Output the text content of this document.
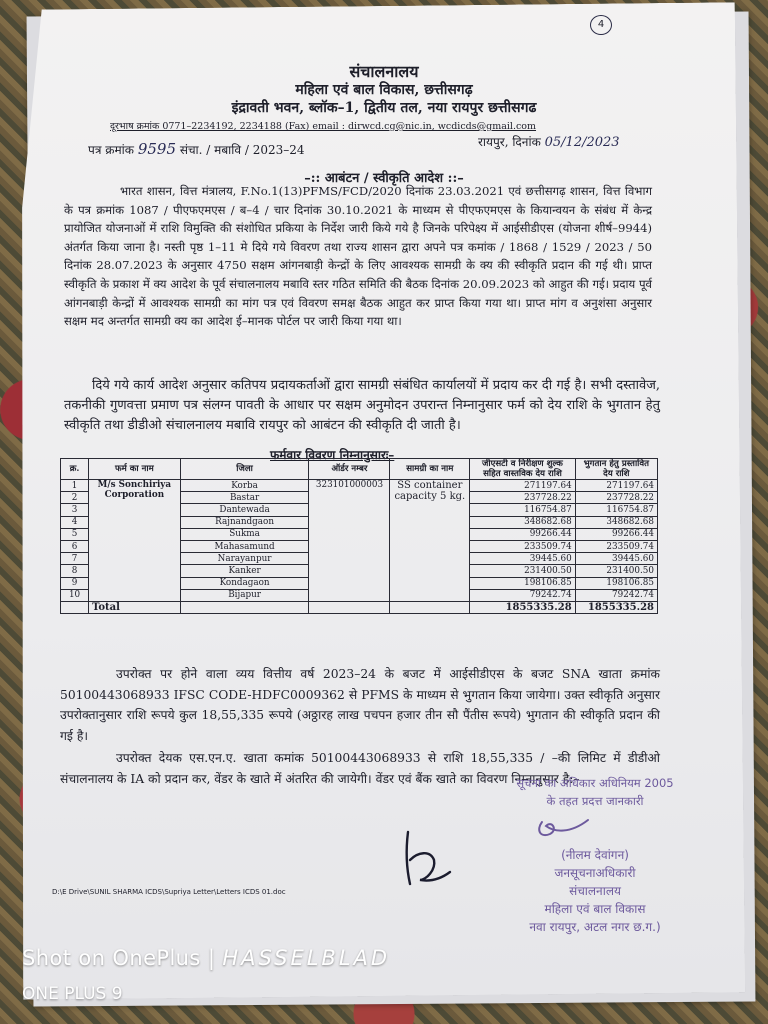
4
संचालनालय
महिला एवं बाल विकास, छत्तीसगढ़
इंद्रावती भवन, ब्लॉक–1, द्वितीय तल, नया रायपुर छत्तीसगढ
दूरभाष क्रमांक 0771–2234192, 2234188 (Fax) email : dirwcd.cg@nic.in, wcdicds@gmail.com
पत्र क्रमांक 9595 संचा. / मबावि / 2023–24
रायपुर, दिनांक 05/12/2023
–:: आबंटन / स्वीकृति आदेश ::–
भारत शासन, वित्त मंत्रालय, F.No.1(13)PFMS/FCD/2020 दिनांक 23.03.2021 एवं छत्तीसगढ़ शासन, वित्त विभाग के पत्र क्रमांक 1087 / पीएफएमएस / ब–4 / चार दिनांक 30.10.2021 के माध्यम से पीएफएमएस के कियान्वयन के संबंध में केन्द्र प्रायोजित योजनाओं में राशि विमुक्ति की संशोधित प्रकिया के निर्देश जारी किये गये है जिनके परिपेक्ष्य में आईसीडीएस (योजना शीर्ष–9944) अंतर्गत किया जाना है। नस्ती पृष्ठ 1–11 मे दिये गये विवरण तथा राज्य शासन द्वारा अपने पत्र कमांक / 1868 / 1529 / 2023 / 50 दिनांक 28.07.2023 के अनुसार 4750 सक्षम आंगनबाड़ी केन्द्रों के लिए आवश्यक सामग्री के क्य की स्वीकृति प्रदान की गई थी। प्राप्त स्वीकृति के प्रकाश में क्य आदेश के पूर्व संचालनालय मबावि स्तर गठित समिति की बैठक दिनांक 20.09.2023 को आहुत की गई। प्रदाय पूर्व आंगनबाड़ी केन्द्रों में आवश्यक सामग्री का मांग पत्र एवं विवरण समक्ष बैठक आहुत कर प्राप्त किया गया था। प्राप्त मांग व अनुशंसा अनुसार सक्षम मद अन्तर्गत सामग्री क्य का आदेश ई–मानक पोर्टल पर जारी किया गया था।
दिये गये कार्य आदेश अनुसार कतिपय प्रदायकर्ताओं द्वारा सामग्री संबंधित कार्यालयों में प्रदाय कर दी गई है। सभी दस्तावेज, तकनीकी गुणवत्ता प्रमाण पत्र संलग्न पावती के आधार पर सक्षम अनुमोदन उपरान्त निम्नानुसार फर्म को देय राशि के भुगतान हेतु स्वीकृति तथा डीडीओ संचालनालय मबावि रायपुर को आबंटन की स्वीकृति दी जाती है।
फर्मवार विवरण निम्नानुसारः–
क्र.	फर्म का नाम	जिला	ऑर्डर नम्बर	सामग्री का नाम	जीएसटी व निरीक्षण शुल्क सहित वास्तविक देय राशि	भुगतान हेतु प्रस्तावित देय राशि
1	M/s Sonchiriya Corporation	Korba	323101000003	SS container capacity 5 kg.	271197.64	271197.64
2		Bastar			237728.22	237728.22
3		Dantewada			116754.87	116754.87
4		Rajnandgaon			348682.68	348682.68
5		Sukma			99266.44	99266.44
6		Mahasamund			233509.74	233509.74
7		Narayanpur			39445.60	39445.60
8		Kanker			231400.50	231400.50
9		Kondagaon			198106.85	198106.85
10		Bijapur			79242.74	79242.74
	Total				1855335.28	1855335.28
उपरोक्त पर होने वाला व्यय वित्तीय वर्ष 2023–24 के बजट में आईसीडीएस के बजट SNA खाता क्रमांक 50100443068933 IFSC CODE-HDFC0009362 से PFMS के माध्यम से भुगतान किया जायेगा। उक्त स्वीकृति अनुसार उपरोक्तानुसार राशि रूपये कुल 18,55,335 रूपये (अठ्ठारह लाख पचपन हजार तीन सौ पैंतीस रूपये) भुगतान की स्वीकृति प्रदान की गई है।
उपरोक्त देयक एस.एन.ए. खाता कमांक 50100443068933 से राशि 18,55,335 / –की लिमिट में डीडीओ संचालनालय के IA को प्रदान कर, वेंडर के खाते में अंतरित की जायेगी। वेंडर एवं बैंक खाते का विवरण निम्नानुसार है:–
सूचना का अधिकार अधिनियम 2005
के तहत प्रदत्त जानकारी
(नीलम देवांगन)
जनसूचनाअधिकारी
संचालनालय
महिला एवं बाल विकास
नवा रायपुर, अटल नगर छ.ग.)
D:\E Drive\SUNIL SHARMA ICDS\Supriya Letter\Letters ICDS 01.doc
Shot on OnePlus | HASSELBLAD
ONE PLUS 9
